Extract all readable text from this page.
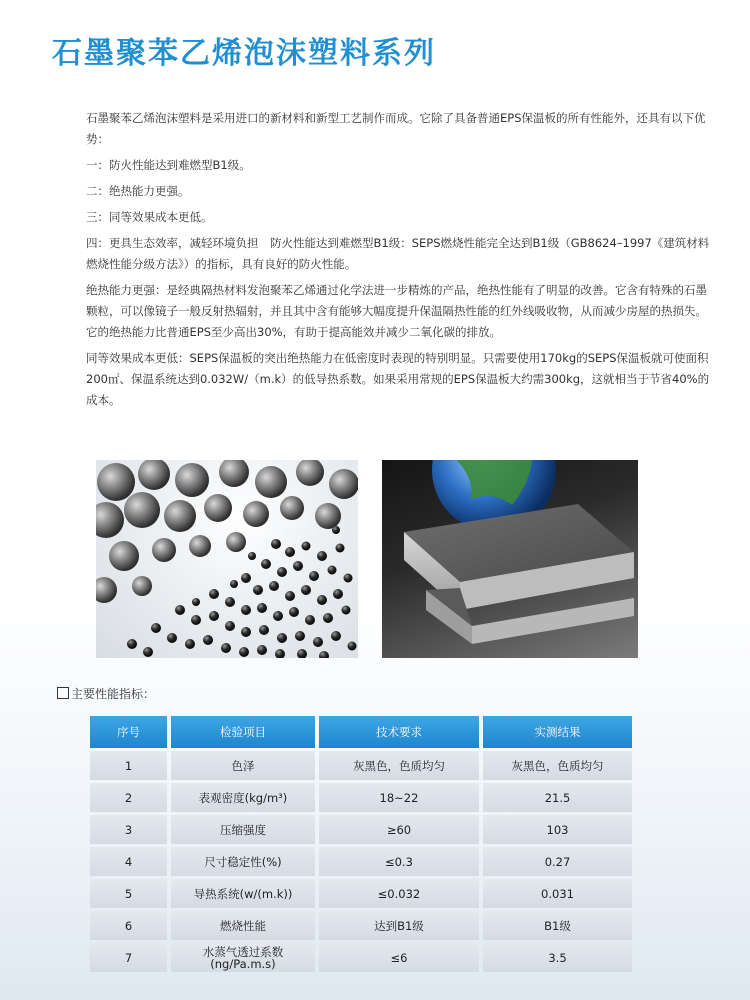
石墨聚苯乙烯泡沫塑料系列

石墨聚苯乙烯泡沫塑料是采用进口的新材料和新型工艺制作而成。它除了具备普通EPS保温板的所有性能外，还具有以下优势：

一：防火性能达到难燃型B1级。

二：绝热能力更强。

三：同等效果成本更低。

四：更具生态效率，减轻环境负担　防火性能达到难燃型B1级：SEPS燃烧性能完全达到B1级（GB8624–1997《建筑材料燃烧性能分级方法》）的指标，具有良好的防火性能。

绝热能力更强：是经典隔热材料发泡聚苯乙烯通过化学法进一步精炼的产品，绝热性能有了明显的改善。它含有特殊的石墨颗粒，可以像镜子一般反射热辐射，并且其中含有能够大幅度提升保温隔热性能的红外线吸收物，从而减少房屋的热损失。它的绝热能力比普通EPS至少高出30%，有助于提高能效并减少二氧化碳的排放。

同等效果成本更低：SEPS保温板的突出绝热能力在低密度时表现的特别明显。只需要使用170kg的SEPS保温板就可使面积200㎡、保温系统达到0.032W/（m.k）的低导热系数。如果采用常规的EPS保温板大约需300kg，这就相当于节省40%的成本。

主要性能指标：
序号	检验项目	技术要求	实测结果
1	色泽	灰黑色，色质均匀	灰黑色，色质均匀
2	表观密度(kg/m³)	18~22	21.5
3	压缩强度	≥60	103
4	尺寸稳定性(%)	≤0.3	0.27
5	导热系统(w/(m.k))	≤0.032	0.031
6	燃烧性能	达到B1级	B1级
7	水蒸气透过系数
(ng/Pa.m.s)	≤6	3.5
